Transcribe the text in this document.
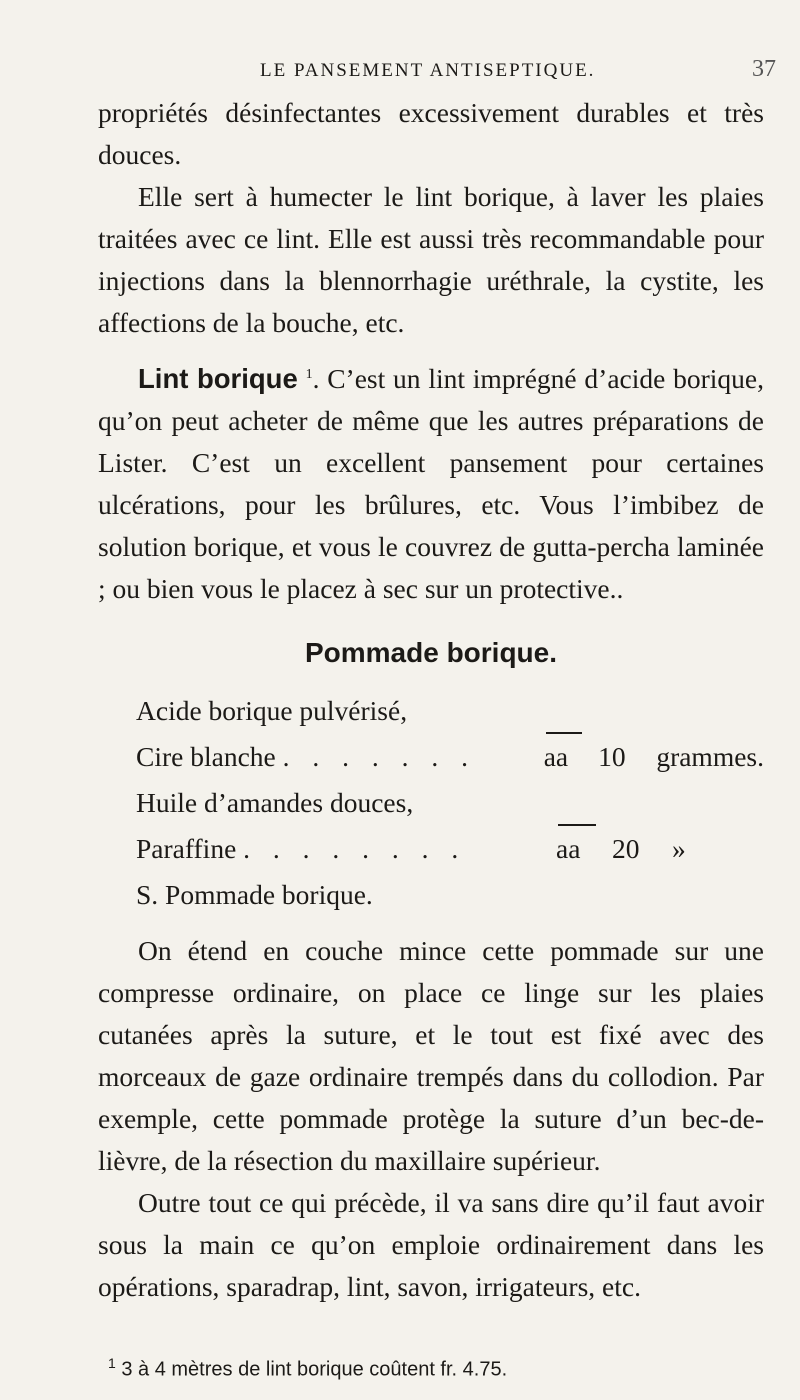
LE PANSEMENT ANTISEPTIQUE.	37

propriétés désinfectantes excessivement durables et très douces.

Elle sert à humecter le lint borique, à laver les plaies traitées avec ce lint. Elle est aussi très recommandable pour injections dans la blennorrhagie uréthrale, la cystite, les affections de la bouche, etc.

Lint borique $^1$. C’est un lint imprégné d’acide borique, qu’on peut acheter de même que les autres préparations de Lister. C’est un excellent pansement pour certaines ulcérations, pour les brûlures, etc. Vous l’imbibez de solution borique, et vous le couvrez de gutta-percha laminée ; ou bien vous le placez à sec sur un protective..

Pommade borique.
Acide borique pulvérisé,
Cire blanche . . . . . . .	aa	10	grammes.
Huile d’amandes douces,
Paraffine . . . . . . . .	aa	20	»
S. Pommade borique.

On étend en couche mince cette pommade sur une compresse ordinaire, on place ce linge sur les plaies cutanées après la suture, et le tout est fixé avec des morceaux de gaze ordinaire trempés dans du collodion. Par exemple, cette pommade protège la suture d’un bec-de-lièvre, de la résection du maxillaire supérieur.

Outre tout ce qui précède, il va sans dire qu’il faut avoir sous la main ce qu’on emploie ordinairement dans les opérations, sparadrap, lint, savon, irrigateurs, etc.

$^1$ 3 à 4 mètres de lint borique coûtent fr. 4.75.
